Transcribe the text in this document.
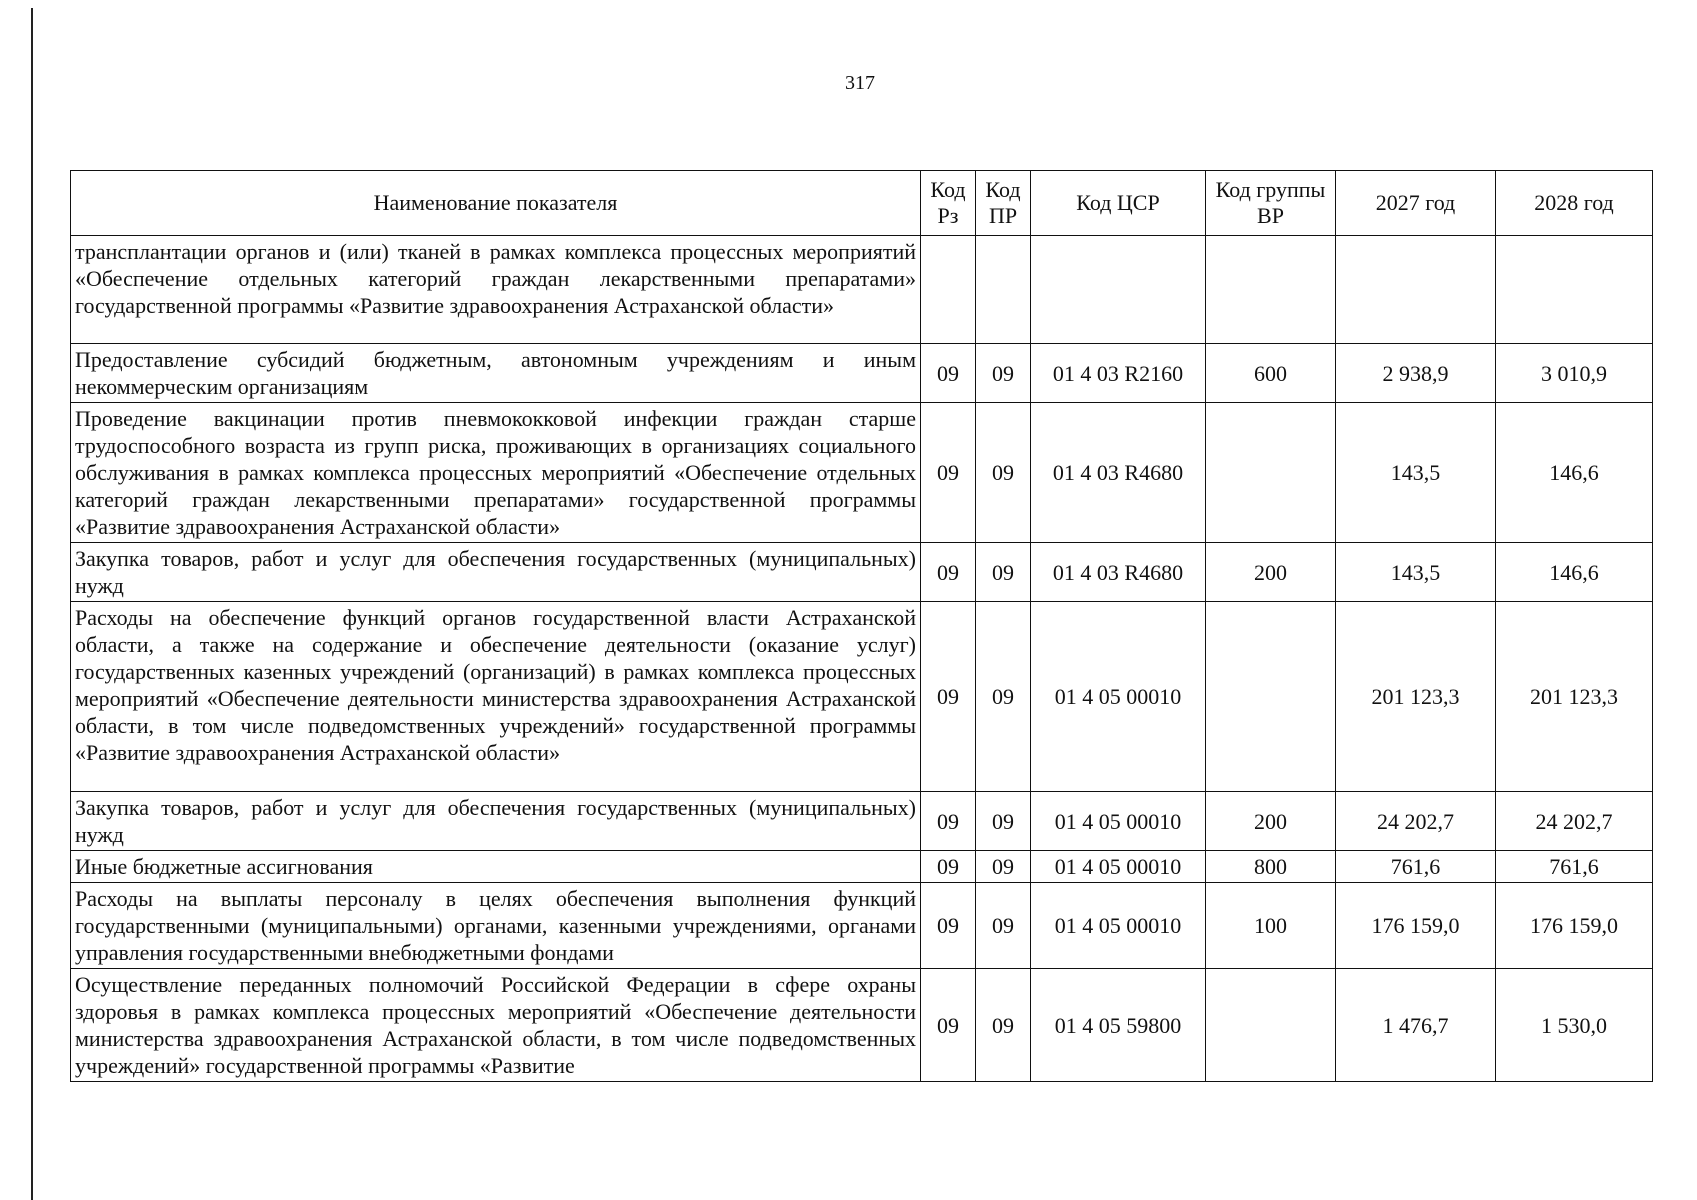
317
Наименование показателя	Код Рз	Код ПР	Код ЦСР	Код группы ВР	2027 год	2028 год
трансплантации органов и (или) тканей в рамках комплекса процессных мероприятий «Обеспечение отдельных категорий граждан лекарственными препаратами» государственной программы «Развитие здравоохранения Астраханской области»						
Предоставление субсидий бюджетным, автономным учреждениям и иным некоммерческим организациям	09	09	01 4 03 R2160	600	2 938,9	3 010,9
Проведение вакцинации против пневмококковой инфекции граждан старше трудоспособного возраста из групп риска, проживающих в организациях социального обслуживания в рамках комплекса процессных мероприятий «Обеспечение отдельных категорий граждан лекарственными препаратами» государственной программы «Развитие здравоохранения Астраханской области»	09	09	01 4 03 R4680		143,5	146,6
Закупка товаров, работ и услуг для обеспечения государственных (муниципальных) нужд	09	09	01 4 03 R4680	200	143,5	146,6
Расходы на обеспечение функций органов государственной власти Астраханской области, а также на содержание и обеспечение деятельности (оказание услуг) государственных казенных учреждений (организаций) в рамках комплекса процессных мероприятий «Обеспечение деятельности министерства здравоохранения Астраханской области, в том числе подведомственных учреждений» государственной программы «Развитие здравоохранения Астраханской области»	09	09	01 4 05 00010		201 123,3	201 123,3
Закупка товаров, работ и услуг для обеспечения государственных (муниципальных) нужд	09	09	01 4 05 00010	200	24 202,7	24 202,7
Иные бюджетные ассигнования	09	09	01 4 05 00010	800	761,6	761,6
Расходы на выплаты персоналу в целях обеспечения выполнения функций государственными (муниципальными) органами, казенными учреждениями, органами управления государственными внебюджетными фондами	09	09	01 4 05 00010	100	176 159,0	176 159,0
Осуществление переданных полномочий Российской Федерации в сфере охраны здоровья в рамках комплекса процессных мероприятий «Обеспечение деятельности министерства здравоохранения Астраханской области, в том числе подведомственных учреждений» государственной программы «Развитие	09	09	01 4 05 59800		1 476,7	1 530,0
